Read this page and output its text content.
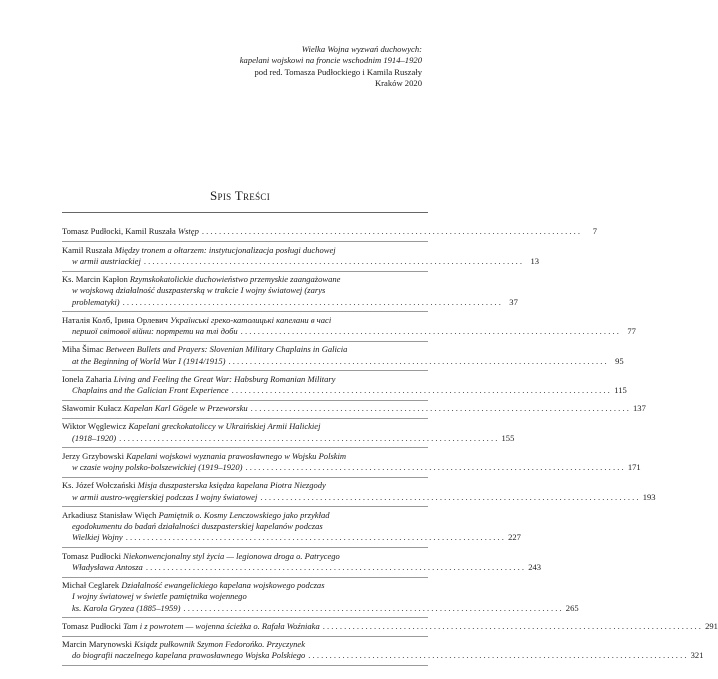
Wielka Wojna wyzwań duchowych:
kapelani wojskowi na froncie wschodnim 1914–1920
pod red. Tomasza Pudłockiego i Kamila Ruszały
Kraków 2020
Spis Treści
Tomasz Pudłocki, Kamil Ruszała Wstęp . . .	7
Kamil Ruszała Między tronem a ołtarzem: instytucjonalizacja posługi duchowej
w armii austriackiej . . .	13
Ks. Marcin Kapłon Rzymskokatolickie duchowieństwo przemyskie zaangażowane
w wojskową działalność duszpasterską w trakcie I wojny światowej (zarys
problematyki) . . .	37
Наталія Колб, Ірина Орлевич Українські греко-католицькі капелани в часі
першої світової війни: портрети на тлі доби . . .	77
Miha Šimac Between Bullets and Prayers: Slovenian Military Chaplains in Galicia
at the Beginning of World War I (1914/1915) . . .	95
Ionela Zaharia Living and Feeling the Great War: Habsburg Romanian Military
Chaplains and the Galician Front Experience . . .	115
Sławomir Kułacz Kapelan Karl Gögele w Przeworsku . . .	137
Wiktor Węglewicz Kapelani greckokatoliccy w Ukraińskiej Armii Halickiej
(1918–1920) . . .	155
Jerzy Grzybowski Kapelani wojskowi wyznania prawosławnego w Wojsku Polskim
w czasie wojny polsko-bolszewickiej (1919–1920) . . .	171
Ks. Józef Wołczański Misja duszpasterska księdza kapelana Piotra Niezgody
w armii austro-węgierskiej podczas I wojny światowej . . .	193
Arkadiusz Stanisław Więch Pamiętnik o. Kosmy Lenczowskiego jako przykład
egodokumentu do badań działalności duszpasterskiej kapelanów podczas
Wielkiej Wojny . . .	227
Tomasz Pudłocki Niekonwencjonalny styl życia — legionowa droga o. Patrycego
Władysława Antosza . . .	243
Michał Ceglarek Działalność ewangelickiego kapelana wojskowego podczas
I wojny światowej w świetle pamiętnika wojennego
ks. Karola Gryzea (1885–1959) . . .	265
Tomasz Pudłocki Tam i z powrotem — wojenna ścieżka o. Rafała Woźniaka . . .	291
Marcin Marynowski Ksiądz pułkownik Szymon Fedorońko. Przyczynek
do biografii naczelnego kapelana prawosławnego Wojska Polskiego . . .	321
